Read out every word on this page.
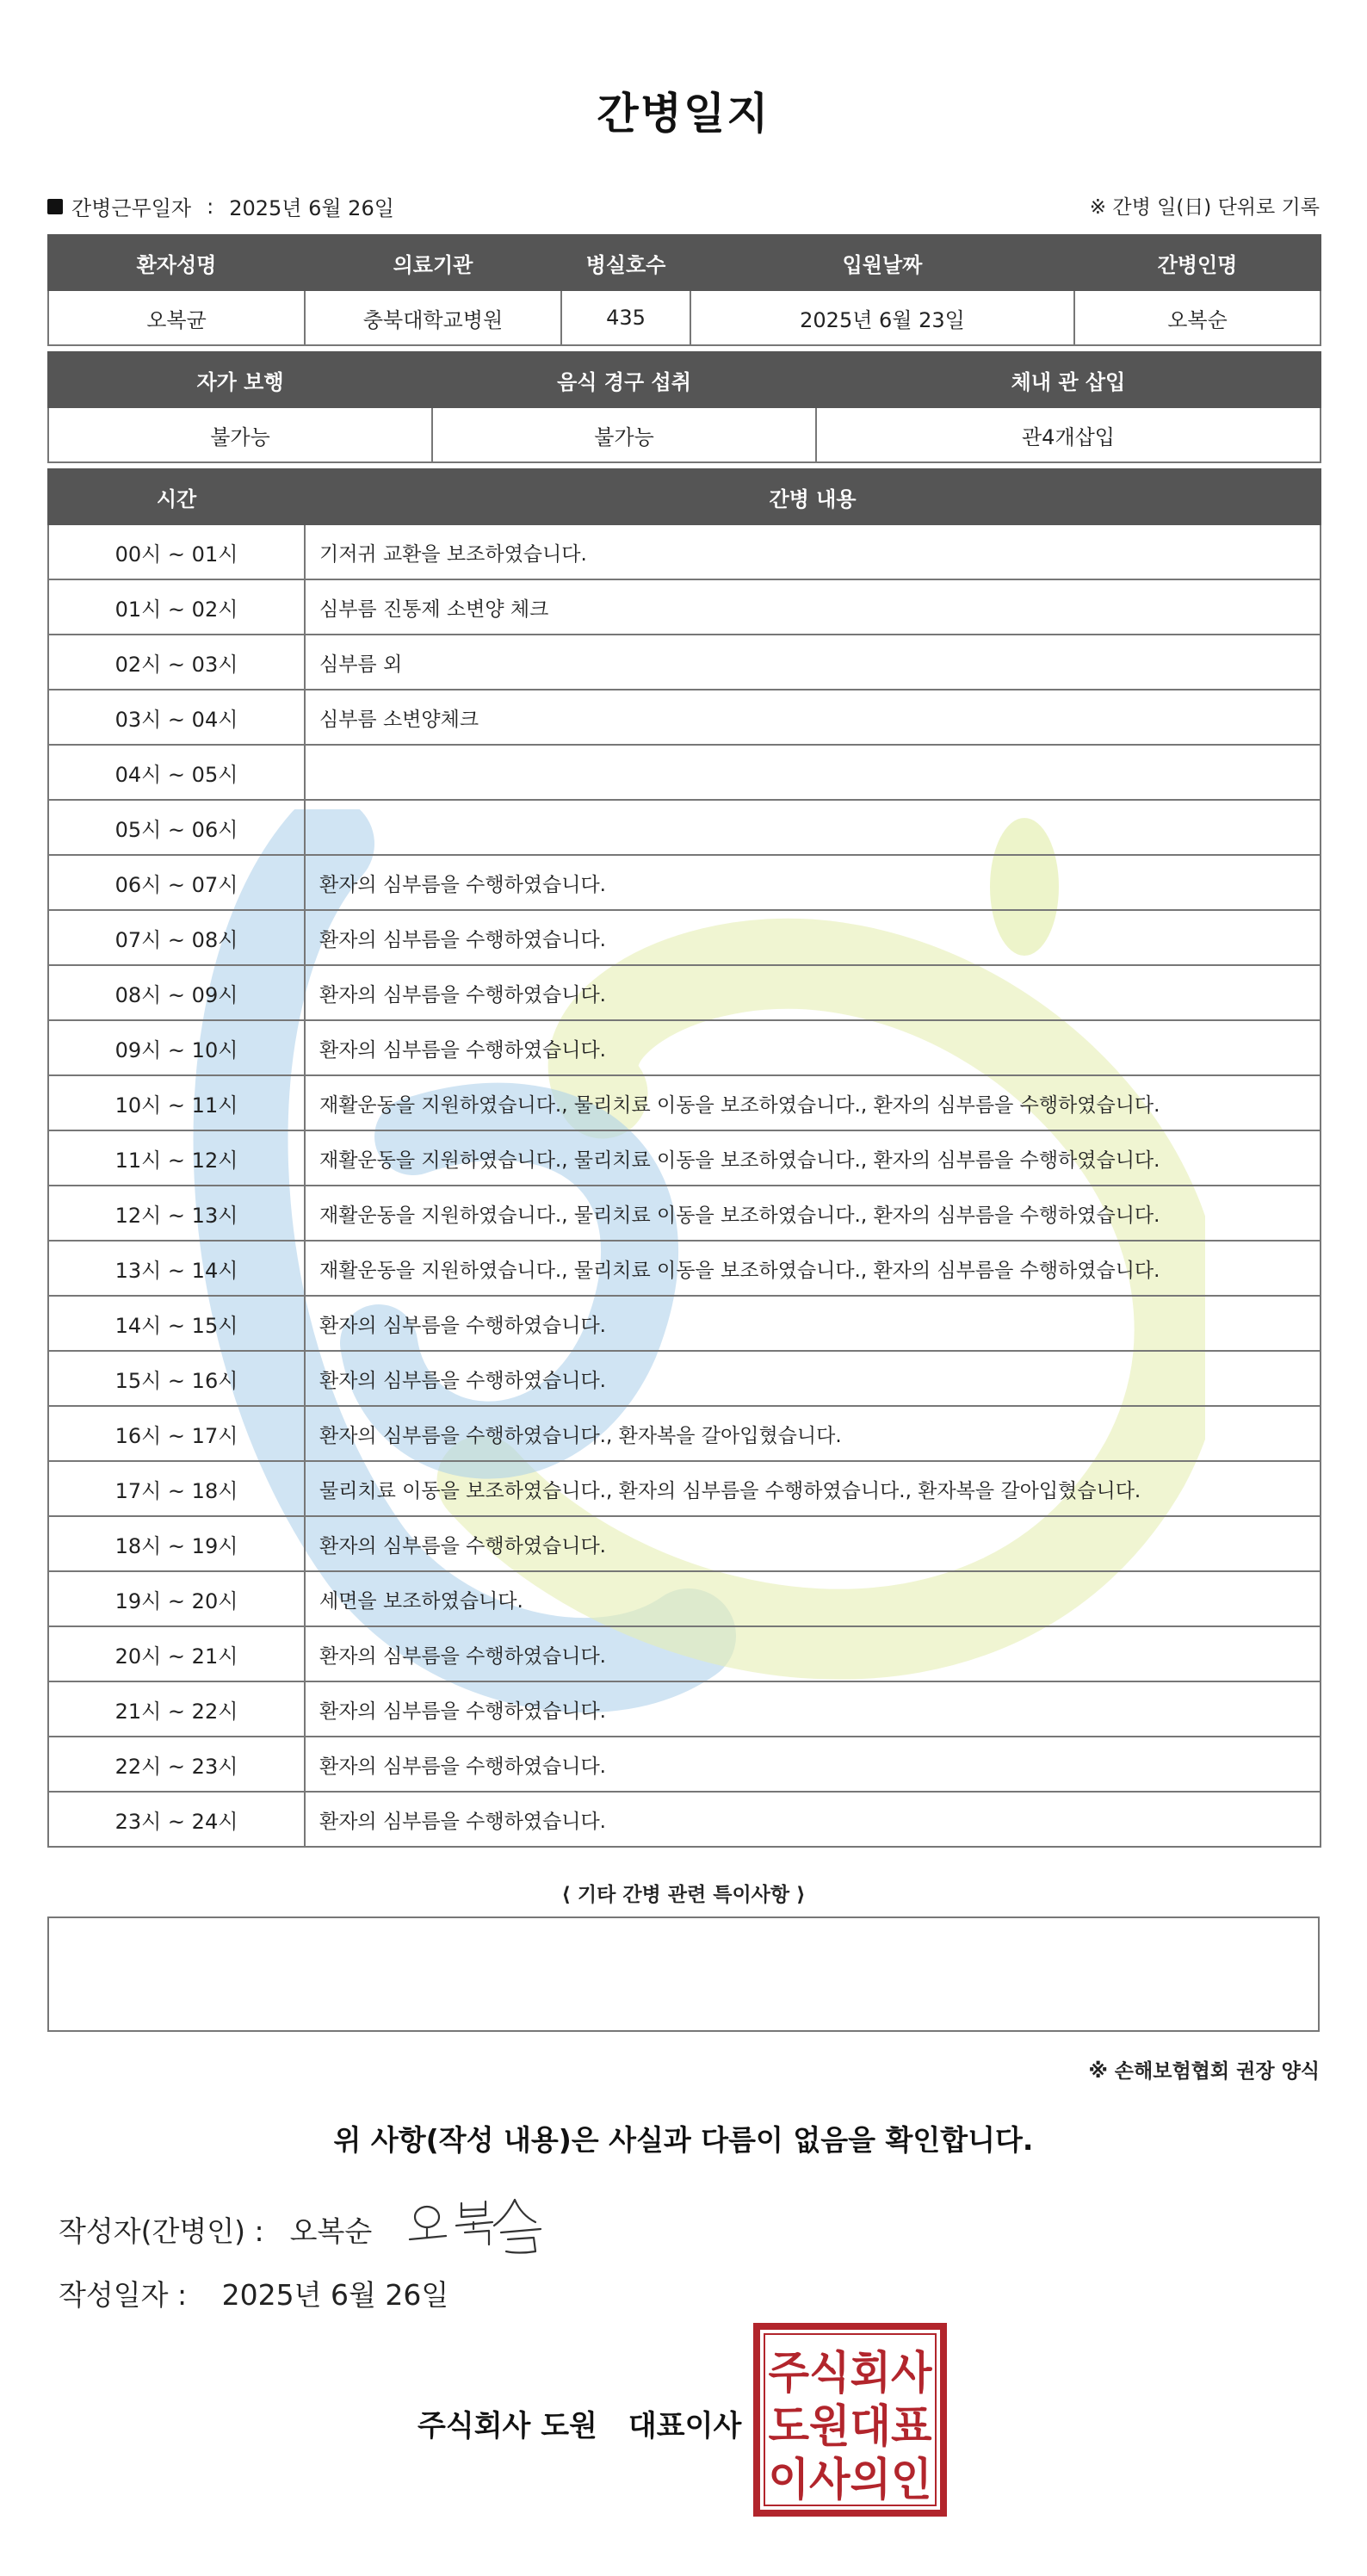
간병일지
간병근무일자 : 2025년 6월 26일	※ 간병 일(日) 단위로 기록
환자성명	의료기관	병실호수	입원날짜	간병인명
오복균	충북대학교병원	435	2025년 6월 23일	오복순
자가 보행	음식 경구 섭취	체내 관 삽입
불가능	불가능	관4개삽입
시간	간병 내용
00시 ~ 01시	기저귀 교환을 보조하였습니다.
01시 ~ 02시	심부름 진통제 소변양 체크
02시 ~ 03시	심부름 외
03시 ~ 04시	심부름 소변양체크
04시 ~ 05시	
05시 ~ 06시	
06시 ~ 07시	환자의 심부름을 수행하였습니다.
07시 ~ 08시	환자의 심부름을 수행하였습니다.
08시 ~ 09시	환자의 심부름을 수행하였습니다.
09시 ~ 10시	환자의 심부름을 수행하였습니다.
10시 ~ 11시	재활운동을 지원하였습니다., 물리치료 이동을 보조하였습니다., 환자의 심부름을 수행하였습니다.
11시 ~ 12시	재활운동을 지원하였습니다., 물리치료 이동을 보조하였습니다., 환자의 심부름을 수행하였습니다.
12시 ~ 13시	재활운동을 지원하였습니다., 물리치료 이동을 보조하였습니다., 환자의 심부름을 수행하였습니다.
13시 ~ 14시	재활운동을 지원하였습니다., 물리치료 이동을 보조하였습니다., 환자의 심부름을 수행하였습니다.
14시 ~ 15시	환자의 심부름을 수행하였습니다.
15시 ~ 16시	환자의 심부름을 수행하였습니다.
16시 ~ 17시	환자의 심부름을 수행하였습니다., 환자복을 갈아입혔습니다.
17시 ~ 18시	물리치료 이동을 보조하였습니다., 환자의 심부름을 수행하였습니다., 환자복을 갈아입혔습니다.
18시 ~ 19시	환자의 심부름을 수행하였습니다.
19시 ~ 20시	세면을 보조하였습니다.
20시 ~ 21시	환자의 심부름을 수행하였습니다.
21시 ~ 22시	환자의 심부름을 수행하였습니다.
22시 ~ 23시	환자의 심부름을 수행하였습니다.
23시 ~ 24시	환자의 심부름을 수행하였습니다.
⟨ 기타 간병 관련 특이사항 ⟩
※ 손해보험협회 권장 양식
위 사항(작성 내용)은 사실과 다름이 없음을 확인합니다.
작성자(간병인) : 오복순
작성일자 : 2025년 6월 26일
주식회사 도원 대표이사
주식회사
도원대표
이사의인
